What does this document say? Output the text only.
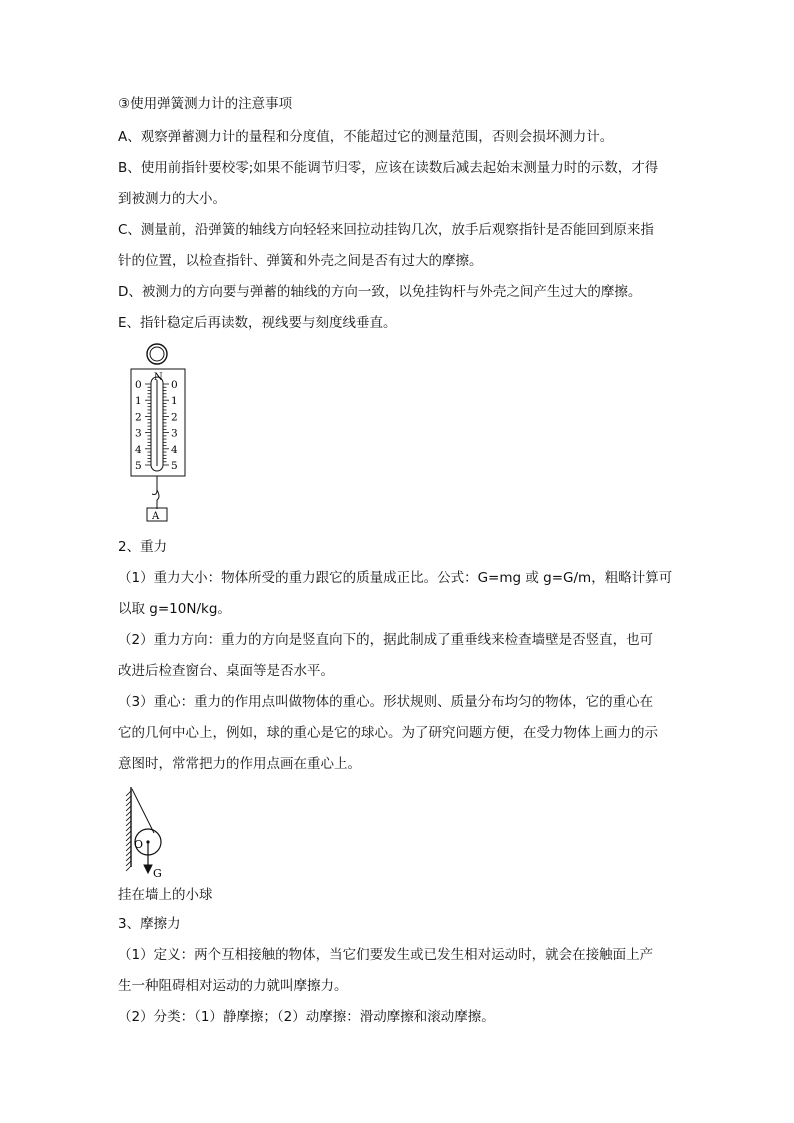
③使用弹簧测力计的注意事项
A、观察弹蓄测力计的量程和分度值，不能超过它的测量范围，否则会损坏测力计。
B、使用前指针要校零;如果不能调节归零，应该在读数后减去起始末测量力时的示数，才得
到被测力的大小。
C、测量前，沿弹簧的轴线方向轻轻来回拉动挂钩几次，放手后观察指针是否能回到原来指
针的位置，以检查指针、弹簧和外壳之间是否有过大的摩擦。
D、被测力的方向要与弹蓄的轴线的方向一致，以免挂钩杆与外壳之间产生过大的摩擦。
E、指针稳定后再读数，视线要与刻度线垂直。
N
0	0
1	1
2	2
3	3
4	4
5	5
A
2、重力
（1）重力大小：物体所受的重力跟它的质量成正比。公式：G=mg 或 g=G/m，粗略计算可
以取 g=10N/kg。
（2）重力方向：重力的方向是竖直向下的，据此制成了重垂线来检查墙壁是否竖直，也可
改进后检查窗台、桌面等是否水平。
（3）重心：重力的作用点叫做物体的重心。形状规则、质量分布均匀的物体，它的重心在
它的几何中心上，例如，球的重心是它的球心。为了研究问题方便，在受力物体上画力的示
意图时，常常把力的作用点画在重心上。
O
G
挂在墙上的小球
3、摩擦力
（1）定义：两个互相接触的物体，当它们要发生或已发生相对运动时，就会在接触面上产
生一种阻碍相对运动的力就叫摩擦力。
（2）分类：（1）静摩擦；（2）动摩擦：滑动摩擦和滚动摩擦。
